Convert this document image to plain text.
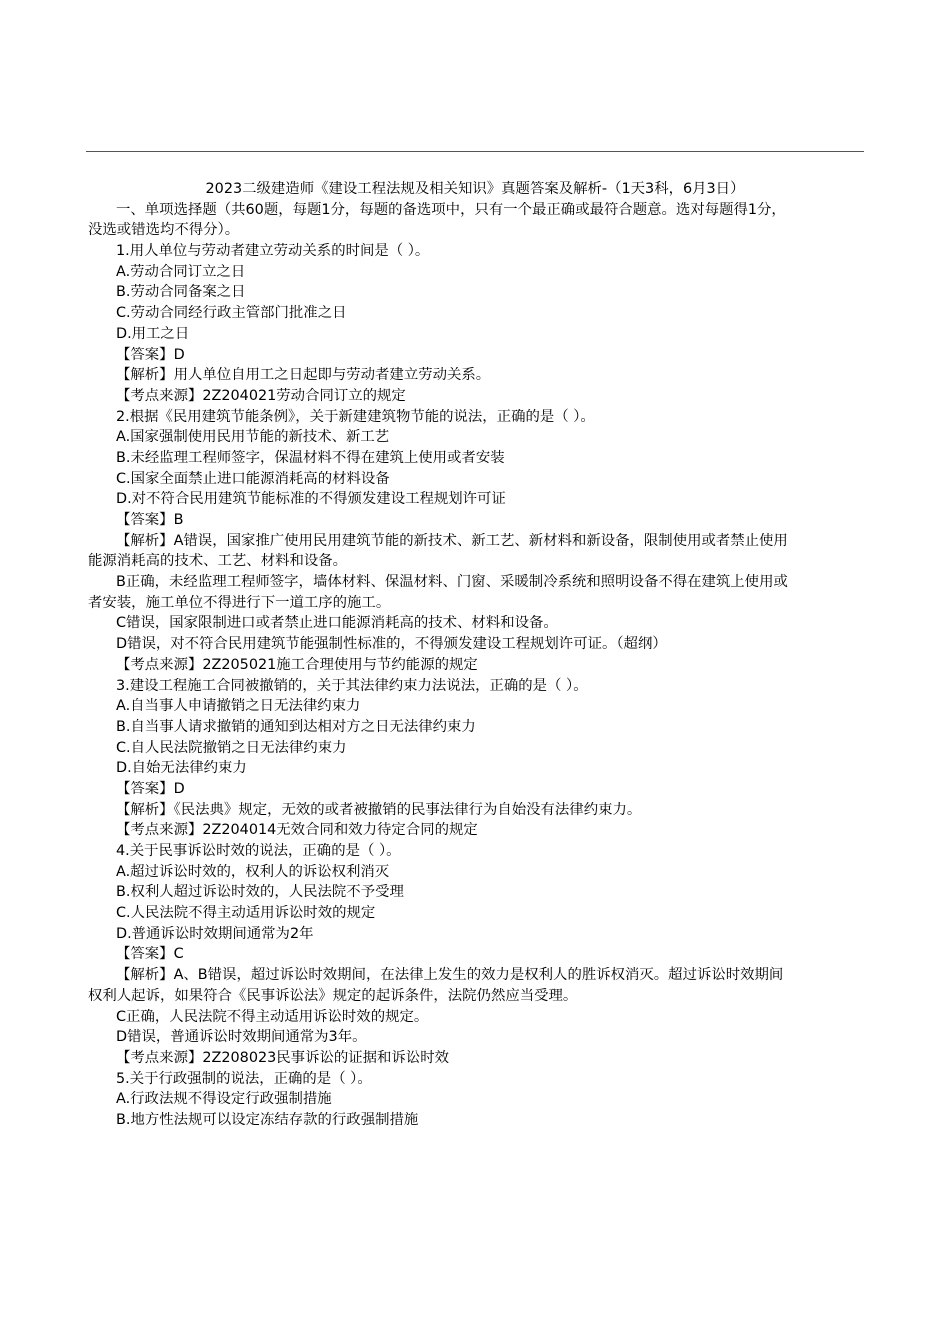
2023二级建造师《建设工程法规及相关知识》真题答案及解析-（1天3科，6月3日）
一、单项选择题（共60题，每题1分，每题的备选项中，只有一个最正确或最符合题意。选对每题得1分，
没选或错选均不得分）。
1.用人单位与劳动者建立劳动关系的时间是（ ）。
A.劳动合同订立之日
B.劳动合同备案之日
C.劳动合同经行政主管部门批准之日
D.用工之日
【答案】D
【解析】用人单位自用工之日起即与劳动者建立劳动关系。
【考点来源】2Z204021劳动合同订立的规定
2.根据《民用建筑节能条例》，关于新建建筑物节能的说法，正确的是（ ）。
A.国家强制使用民用节能的新技术、新工艺
B.未经监理工程师签字，保温材料不得在建筑上使用或者安装
C.国家全面禁止进口能源消耗高的材料设备
D.对不符合民用建筑节能标准的不得颁发建设工程规划许可证
【答案】B
【解析】A错误，国家推广使用民用建筑节能的新技术、新工艺、新材料和新设备，限制使用或者禁止使用
能源消耗高的技术、工艺、材料和设备。
B正确，未经监理工程师签字，墙体材料、保温材料、门窗、采暖制冷系统和照明设备不得在建筑上使用或
者安装，施工单位不得进行下一道工序的施工。
C错误，国家限制进口或者禁止进口能源消耗高的技术、材料和设备。
D错误，对不符合民用建筑节能强制性标准的，不得颁发建设工程规划许可证。（超纲）
【考点来源】2Z205021施工合理使用与节约能源的规定
3.建设工程施工合同被撤销的，关于其法律约束力法说法，正确的是（ ）。
A.自当事人申请撤销之日无法律约束力
B.自当事人请求撤销的通知到达相对方之日无法律约束力
C.自人民法院撤销之日无法律约束力
D.自始无法律约束力
【答案】D
【解析】《民法典》规定，无效的或者被撤销的民事法律行为自始没有法律约束力。
【考点来源】2Z204014无效合同和效力待定合同的规定
4.关于民事诉讼时效的说法，正确的是（ ）。
A.超过诉讼时效的，权利人的诉讼权利消灭
B.权利人超过诉讼时效的，人民法院不予受理
C.人民法院不得主动适用诉讼时效的规定
D.普通诉讼时效期间通常为2年
【答案】C
【解析】A、B错误，超过诉讼时效期间，在法律上发生的效力是权利人的胜诉权消灭。超过诉讼时效期间
权利人起诉，如果符合《民事诉讼法》规定的起诉条件，法院仍然应当受理。
C正确，人民法院不得主动适用诉讼时效的规定。
D错误，普通诉讼时效期间通常为3年。
【考点来源】2Z208023民事诉讼的证据和诉讼时效
5.关于行政强制的说法，正确的是（ ）。
A.行政法规不得设定行政强制措施
B.地方性法规可以设定冻结存款的行政强制措施
